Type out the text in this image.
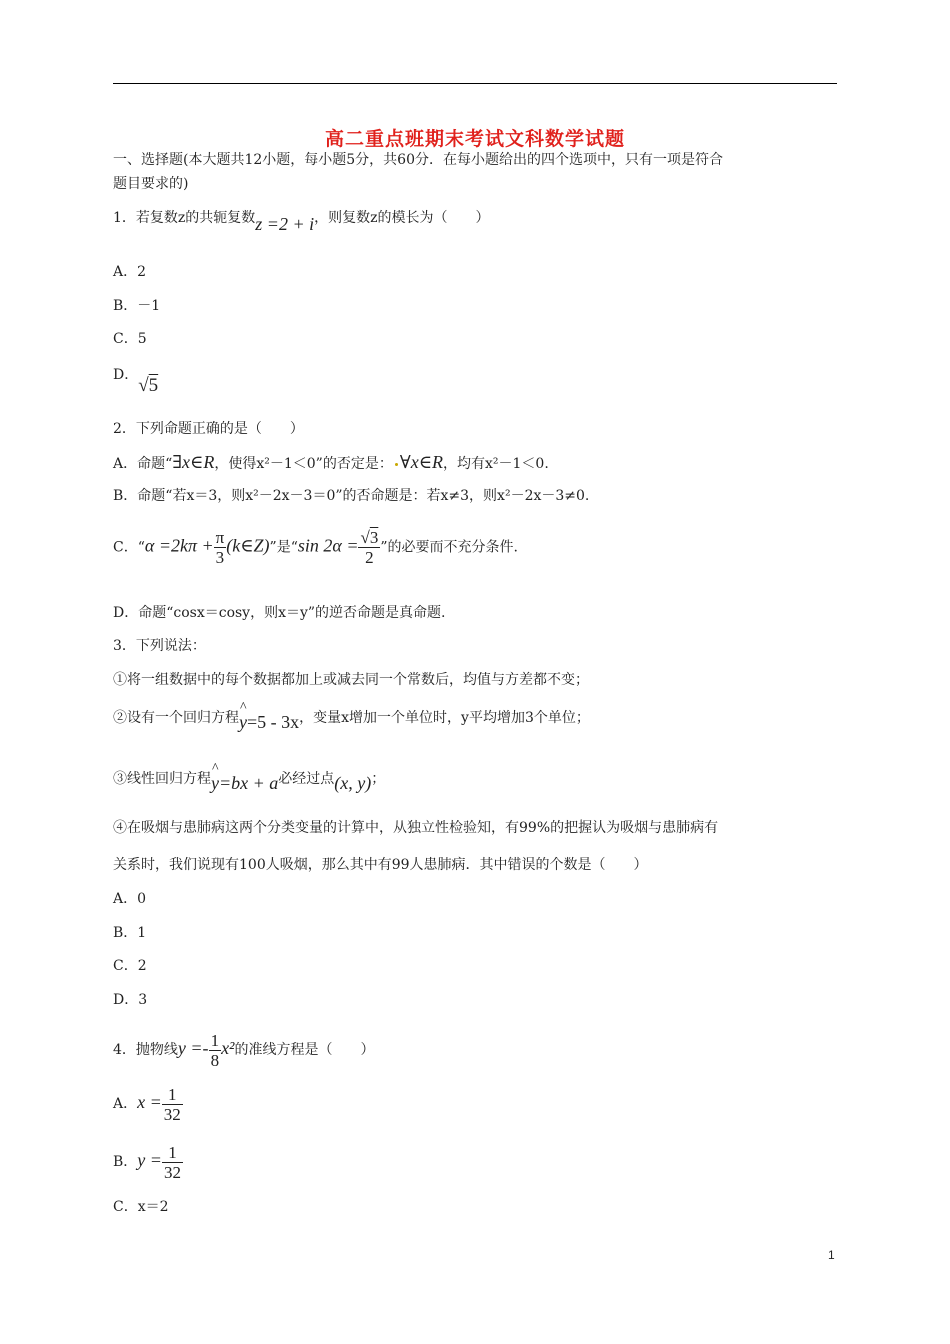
高二重点班期末考试文科数学试题
一、选择题(本大题共12小题，每小题5分，共60分．在每小题给出的四个选项中，只有一项是符合
题目要求的)
1．若复数z的共轭复数z =2 + i，则复数z的模长为（　　）
A．2
B．－1
C．5
D．√5
2．下列命题正确的是（　　）
A．命题“∃x∈R，使得x²－1＜0”的否定是： ∀x∈R，均有x²－1＜0.
B．命题“若x＝3，则x²－2x－3＝0”的否命题是：若x≠3，则x²－2x－3≠0.
C．“$\alpha =2k\pi + \frac{\pi}{3}$ (k∈Z)”是“sin $2\alpha = \frac{√3}{2}$ ”的必要而不充分条件.
D．命题“cosx＝cosy，则x＝y”的逆否命题是真命题.
3．下列说法：
①将一组数据中的每个数据都加上或减去同一个常数后，均值与方差都不变；
②设有一个回归方程^ y=5 - 3x，变量x增加一个单位时，y平均增加3个单位；
③线性回归方程^ y=bx + a必经过点(x, y)；
④在吸烟与患肺病这两个分类变量的计算中，从独立性检验知，有99%的把握认为吸烟与患肺病有
关系时，我们说现有100人吸烟，那么其中有99人患肺病．其中错误的个数是（　　）
A．0
B．1
C．2
D．3
4．抛物线$y =- \frac{1}{8} x^2$的准线方程是（　　）
A．$x = \frac{1}{32}$
B．$y = \frac{1}{32}$
C．x＝2
1
